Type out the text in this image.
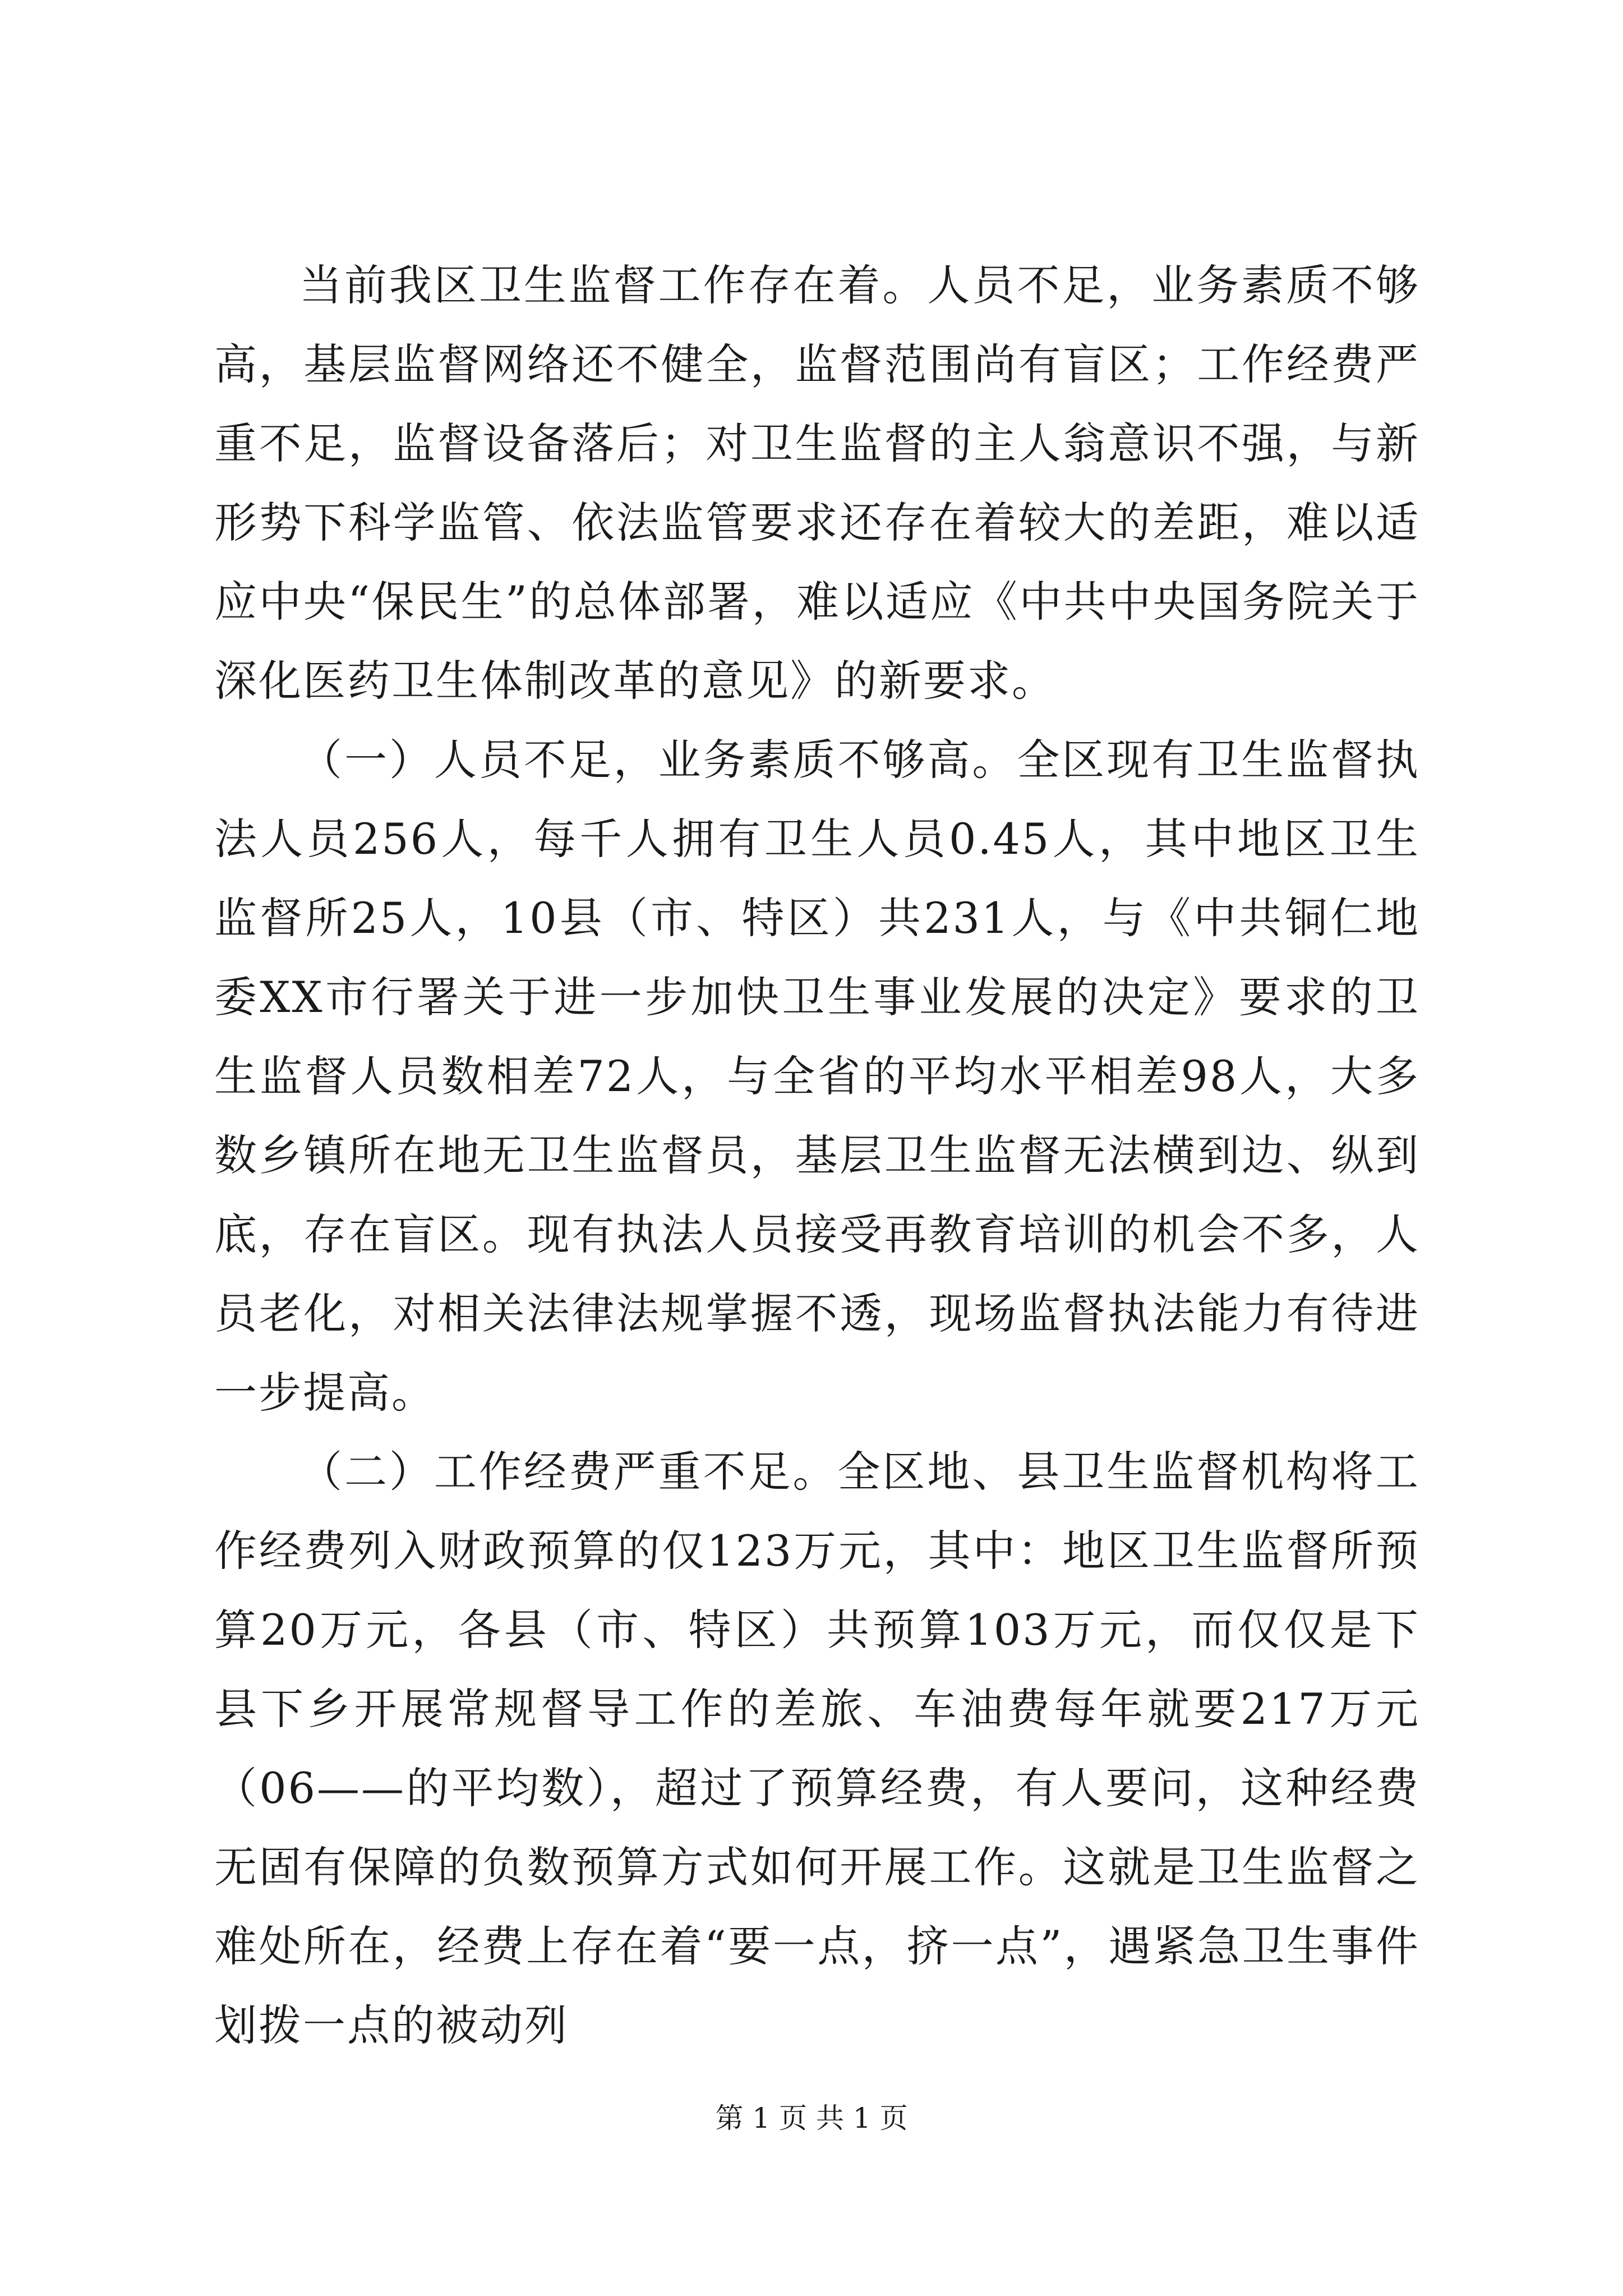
当前我区卫生监督工作存在着。人员不足，业务素质不够高，基层监督网络还不健全，监督范围尚有盲区；工作经费严重不足，监督设备落后；对卫生监督的主人翁意识不强，与新形势下科学监管、依法监管要求还存在着较大的差距，难以适应中央“保民生”的总体部署，难以适应《中共中央国务院关于深化医药卫生体制改革的意见》的新要求。

（一）人员不足，业务素质不够高。全区现有卫生监督执法人员256人，每千人拥有卫生人员0.45人，其中地区卫生监督所25人，10县（市、特区）共231人，与《中共铜仁地委XX市行署关于进一步加快卫生事业发展的决定》要求的卫生监督人员数相差72人，与全省的平均水平相差98人，大多数乡镇所在地无卫生监督员，基层卫生监督无法横到边、纵到底，存在盲区。现有执法人员接受再教育培训的机会不多，人员老化，对相关法律法规掌握不透，现场监督执法能力有待进一步提高。

（二）工作经费严重不足。全区地、县卫生监督机构将工作经费列入财政预算的仅123万元，其中：地区卫生监督所预算20万元，各县（市、特区）共预算103万元，而仅仅是下县下乡开展常规督导工作的差旅、车油费每年就要217万元（06——的平均数），超过了预算经费，有人要问，这种经费无固有保障的负数预算方式如何开展工作。这就是卫生监督之难处所在，经费上存在着“要一点，挤一点”，遇紧急卫生事件划拨一点的被动列

第 1 页 共 1 页
